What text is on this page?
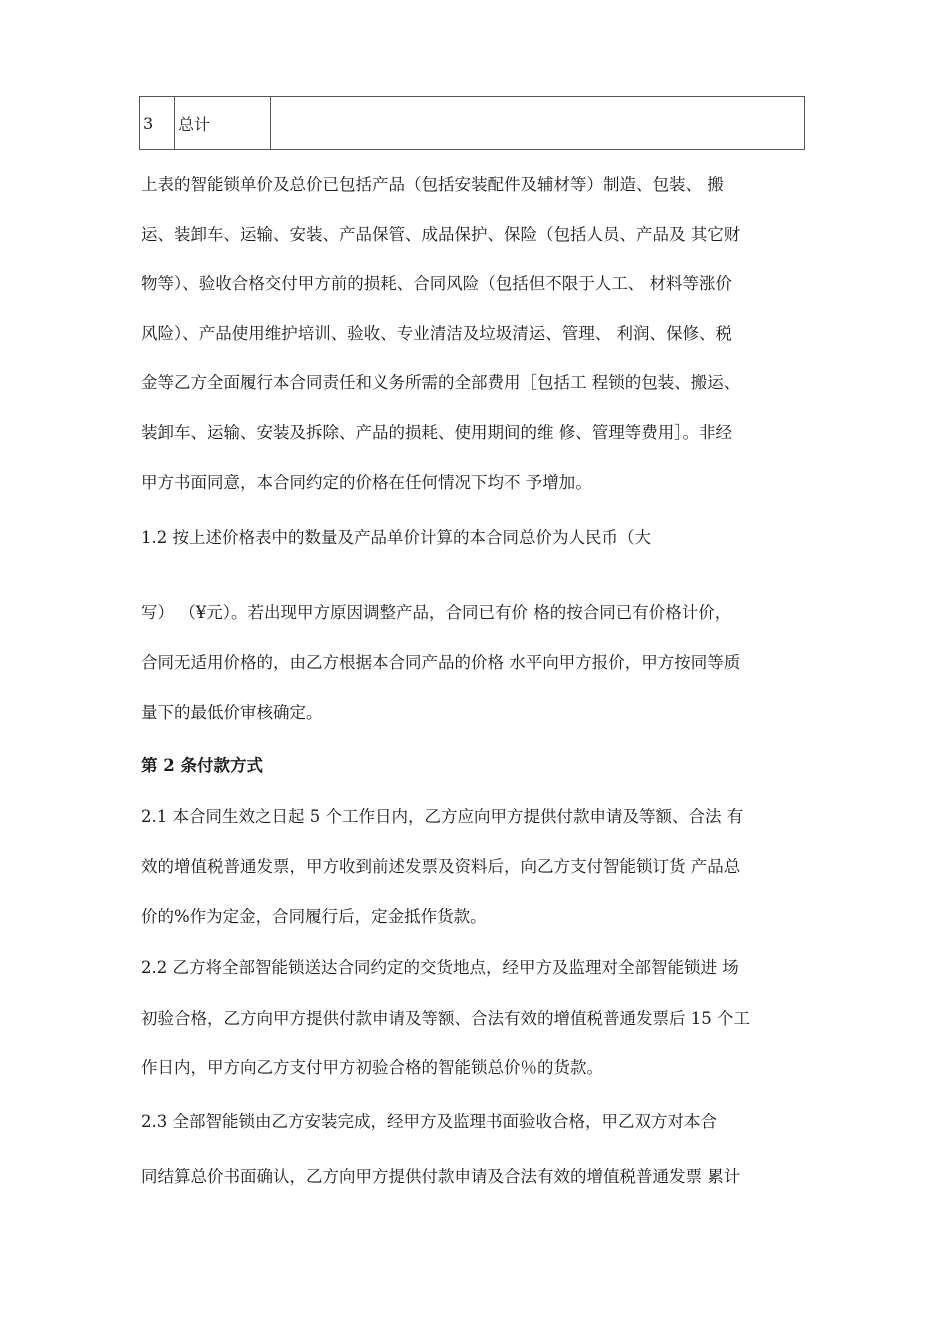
3	总计	
上表的智能锁单价及总价已包括产品（包括安装配件及辅材等）制造、包装、 搬
运、装卸车、运输、安装、产品保管、成品保护、保险（包括人员、产品及 其它财
物等）、验收合格交付甲方前的损耗、合同风险（包括但不限于人工、 材料等涨价
风险）、产品使用维护培训、验收、专业清洁及垃圾清运、管理、 利润、保修、税
金等乙方全面履行本合同责任和义务所需的全部费用［包括工 程锁的包装、搬运、
装卸车、运输、安装及拆除、产品的损耗、使用期间的维 修、管理等费用］。非经
甲方书面同意，本合同约定的价格在任何情况下均不 予增加。
1.2 按上述价格表中的数量及产品单价计算的本合同总价为人民币（大
写） （¥元）。若出现甲方原因调整产品，合同已有价 格的按合同已有价格计价，
合同无适用价格的，由乙方根据本合同产品的价格 水平向甲方报价，甲方按同等质
量下的最低价审核确定。
第 2 条付款方式
2.1 本合同生效之日起 5 个工作日内，乙方应向甲方提供付款申请及等额、合法 有
效的增值税普通发票，甲方收到前述发票及资料后，向乙方支付智能锁订货 产品总
价的%作为定金，合同履行后，定金抵作货款。
2.2 乙方将全部智能锁送达合同约定的交货地点，经甲方及监理对全部智能锁进 场
初验合格，乙方向甲方提供付款申请及等额、合法有效的增值税普通发票后 15 个工
作日内，甲方向乙方支付甲方初验合格的智能锁总价％的货款。
2.3 全部智能锁由乙方安装完成，经甲方及监理书面验收合格，甲乙双方对本合
同结算总价书面确认，乙方向甲方提供付款申请及合法有效的增值税普通发票 累计
